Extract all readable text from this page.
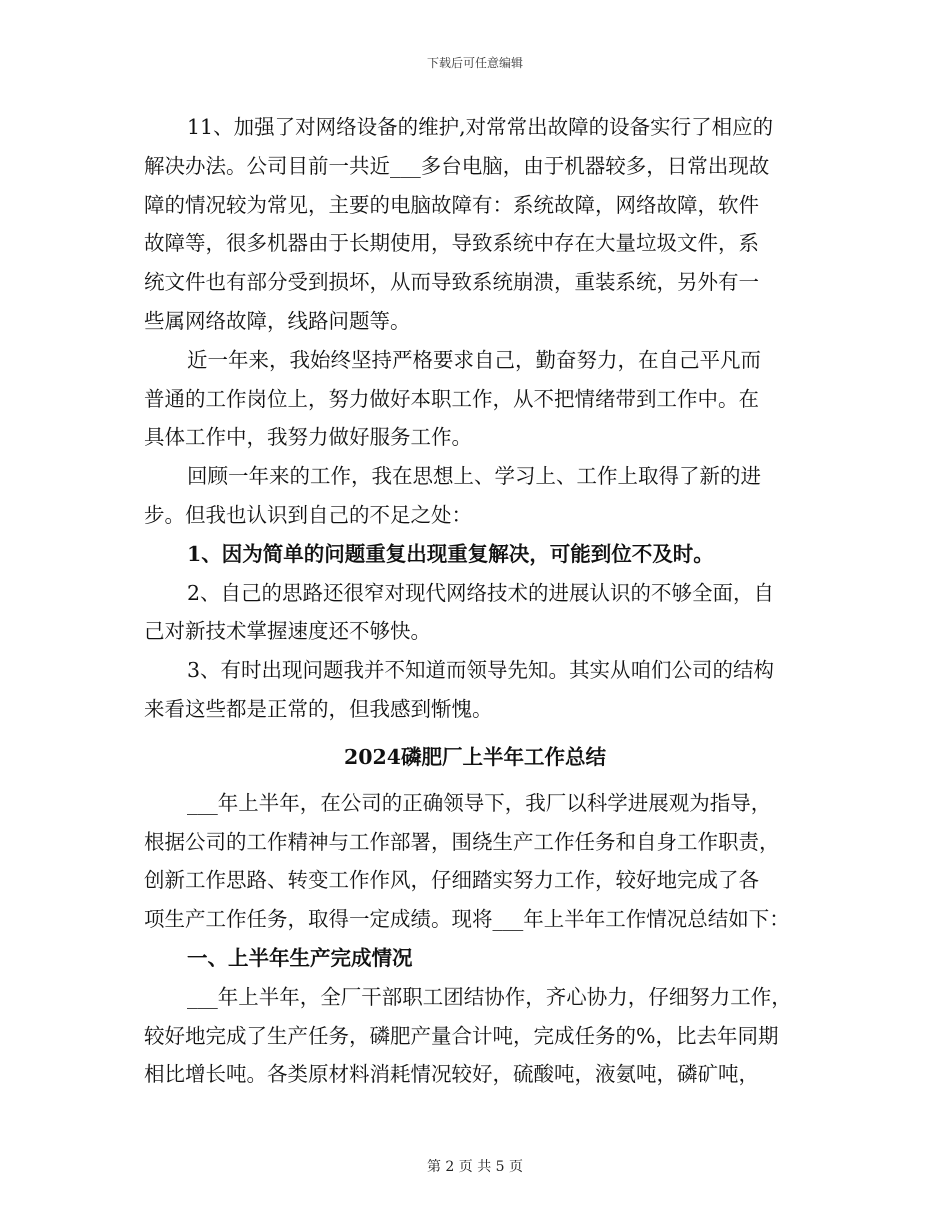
下载后可任意编辑
11、加强了对网络设备的维护,对常常出故障的设备实行了相应的
解决办法。公司目前一共近___多台电脑，由于机器较多，日常出现故
障的情况较为常见，主要的电脑故障有：系统故障，网络故障，软件
故障等，很多机器由于长期使用，导致系统中存在大量垃圾文件，系
统文件也有部分受到损坏，从而导致系统崩溃，重装系统，另外有一
些属网络故障，线路问题等。
近一年来，我始终坚持严格要求自己，勤奋努力，在自己平凡而
普通的工作岗位上，努力做好本职工作，从不把情绪带到工作中。在
具体工作中，我努力做好服务工作。
回顾一年来的工作，我在思想上、学习上、工作上取得了新的进
步。但我也认识到自己的不足之处：
1、因为简单的问题重复出现重复解决，可能到位不及时。
2、自己的思路还很窄对现代网络技术的进展认识的不够全面，自
己对新技术掌握速度还不够快。
3、有时出现问题我并不知道而领导先知。其实从咱们公司的结构
来看这些都是正常的，但我感到惭愧。
2024磷肥厂上半年工作总结
___年上半年，在公司的正确领导下，我厂以科学进展观为指导，
根据公司的工作精神与工作部署，围绕生产工作任务和自身工作职责，
创新工作思路、转变工作作风，仔细踏实努力工作，较好地完成了各
项生产工作任务，取得一定成绩。现将___年上半年工作情况总结如下：
一、上半年生产完成情况
___年上半年，全厂干部职工团结协作，齐心协力，仔细努力工作，
较好地完成了生产任务，磷肥产量合计吨，完成任务的%，比去年同期
相比增长吨。各类原材料消耗情况较好，硫酸吨，液氨吨，磷矿吨，
第 2 页 共 5 页
